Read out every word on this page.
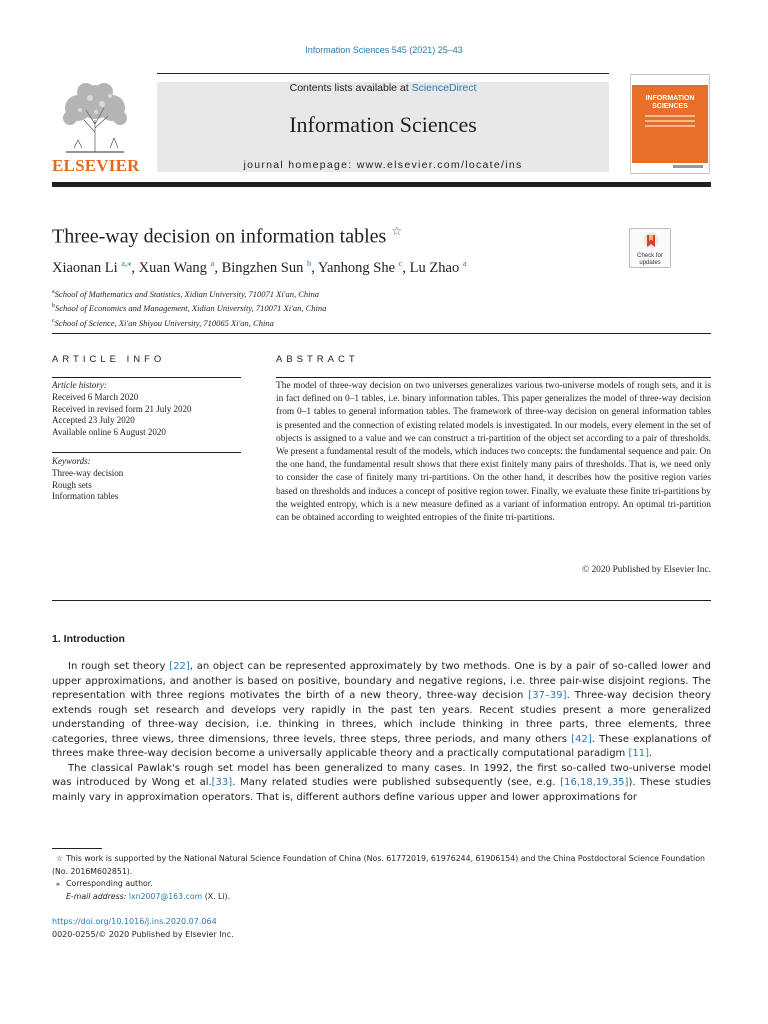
Information Sciences 545 (2021) 25–43
ELSEVIER
Contents lists available at ScienceDirect
Information Sciences
journal homepage: www.elsevier.com/locate/ins
INFORMATION SCIENCES
Three-way decision on information tables ☆
Check for
updates
Xiaonan Li $^{a,⁎}$, Xuan Wang $^a$, Bingzhen Sun $^b$, Yanhong She $^c$, Lu Zhao $^a$
$^a$School of Mathematics and Statistics, Xidian University, 710071 Xi'an, China
$^b$School of Economics and Management, Xidian University, 710071 Xi'an, China
$^c$School of Science, Xi'an Shiyou University, 710065 Xi'an, China
ARTICLE INFO
Article history:
Received 6 March 2020
Received in revised form 21 July 2020
Accepted 23 July 2020
Available online 6 August 2020
Keywords:
Three-way decision
Rough sets
Information tables
ABSTRACT
The model of three-way decision on two universes generalizes various two-universe models of rough sets, and it is in fact defined on 0–1 tables, i.e. binary information tables. This paper generalizes the model of three-way decision from 0–1 tables to general information tables. The framework of three-way decision on general information tables is presented and the connection of existing related models is investigated. In our models, every element in the set of objects is assigned to a value and we can construct a tri-partition of the object set according to a pair of thresholds. We present a fundamental result of the models, which induces two concepts: the fundamental sequence and pair. On the one hand, the fundamental result shows that there exist finitely many pairs of thresholds. That is, we need only to consider the case of finitely many tri-partitions. On the other hand, it describes how the positive region varies based on thresholds and induces a concept of positive region tower. Finally, we evaluate these finite tri-partitions by the weighted entropy, which is a new measure defined as a variant of information entropy. An optimal tri-partition can be obtained according to weighted entropies of the finite tri-partitions.
© 2020 Published by Elsevier Inc.
1. Introduction

In rough set theory [22], an object can be represented approximately by two methods. One is by a pair of so-called lower and upper approximations, and another is based on positive, boundary and negative regions, i.e. three pair-wise disjoint regions. The representation with three regions motivates the birth of a new theory, three-way decision [37–39]. Three-way decision theory extends rough set research and develops very rapidly in the past ten years. Recent studies present a more generalized understanding of three-way decision, i.e. thinking in threes, which include thinking in three parts, three elements, three categories, three views, three dimensions, three levels, three steps, three periods, and many others [42]. These explanations of threes make three-way decision become a universally applicable theory and a practically computational paradigm [11].

The classical Pawlak's rough set model has been generalized to many cases. In 1992, the first so-called two-universe model was introduced by Wong et al.[33]. Many related studies were published subsequently (see, e.g. [16,18,19,35]). These studies mainly vary in approximation operators. That is, different authors define various upper and lower approximations for

☆ This work is supported by the National Natural Science Foundation of China (Nos. 61772019, 61976244, 61906154) and the China Postdoctoral Science Foundation (No. 2016M602851).
⁎ Corresponding author.
E-mail address: lxn2007@163.com (X. Li).
https://doi.org/10.1016/j.ins.2020.07.064
0020-0255/© 2020 Published by Elsevier Inc.
